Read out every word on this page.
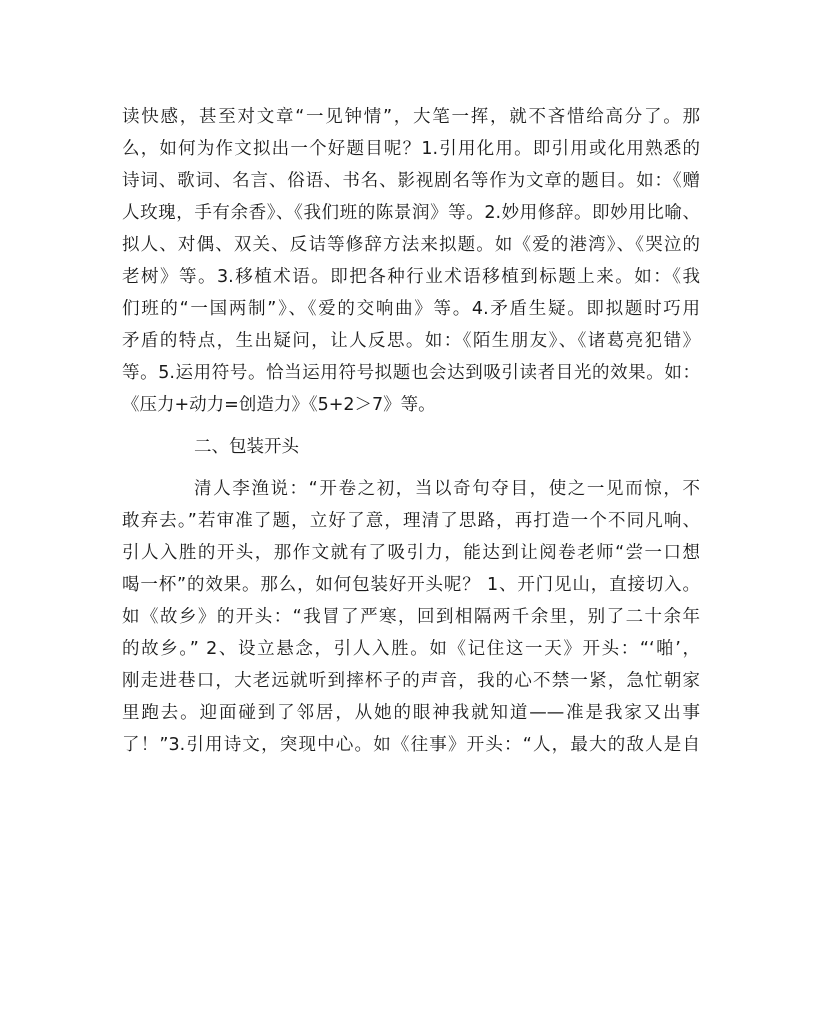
读快感，甚至对文章“一见钟情”，大笔一挥，就不吝惜给高分了。那
么，如何为作文拟出一个好题目呢？1.引用化用。即引用或化用熟悉的
诗词、歌词、名言、俗语、书名、影视剧名等作为文章的题目。如：《赠
人玫瑰，手有余香》、《我们班的陈景润》等。2.妙用修辞。即妙用比喻、
拟人、对偶、双关、反诘等修辞方法来拟题。如《爱的港湾》、《哭泣的
老树》等。3.移植术语。即把各种行业术语移植到标题上来。如：《我
们班的“一国两制”》、《爱的交响曲》等。4.矛盾生疑。即拟题时巧用
矛盾的特点，生出疑问，让人反思。如：《陌生朋友》、《诸葛亮犯错》
等。5.运用符号。恰当运用符号拟题也会达到吸引读者目光的效果。如：
《压力+动力=创造力》《5+2＞7》等。
二、包装开头
清人李渔说：“开卷之初，当以奇句夺目，使之一见而惊，不
敢弃去。”若审准了题，立好了意，理清了思路，再打造一个不同凡响、
引人入胜的开头，那作文就有了吸引力，能达到让阅卷老师“尝一口想
喝一杯”的效果。那么，如何包装好开头呢？ 1、开门见山，直接切入。
如《故乡》的开头：“我冒了严寒，回到相隔两千余里，别了二十余年
的故乡。” 2、设立悬念，引人入胜。如《记住这一天》开头：“‘啪’，
刚走进巷口，大老远就听到摔杯子的声音，我的心不禁一紧，急忙朝家
里跑去。迎面碰到了邻居，从她的眼神我就知道——准是我家又出事
了！”3.引用诗文，突现中心。如《往事》开头：“人，最大的敌人是自
